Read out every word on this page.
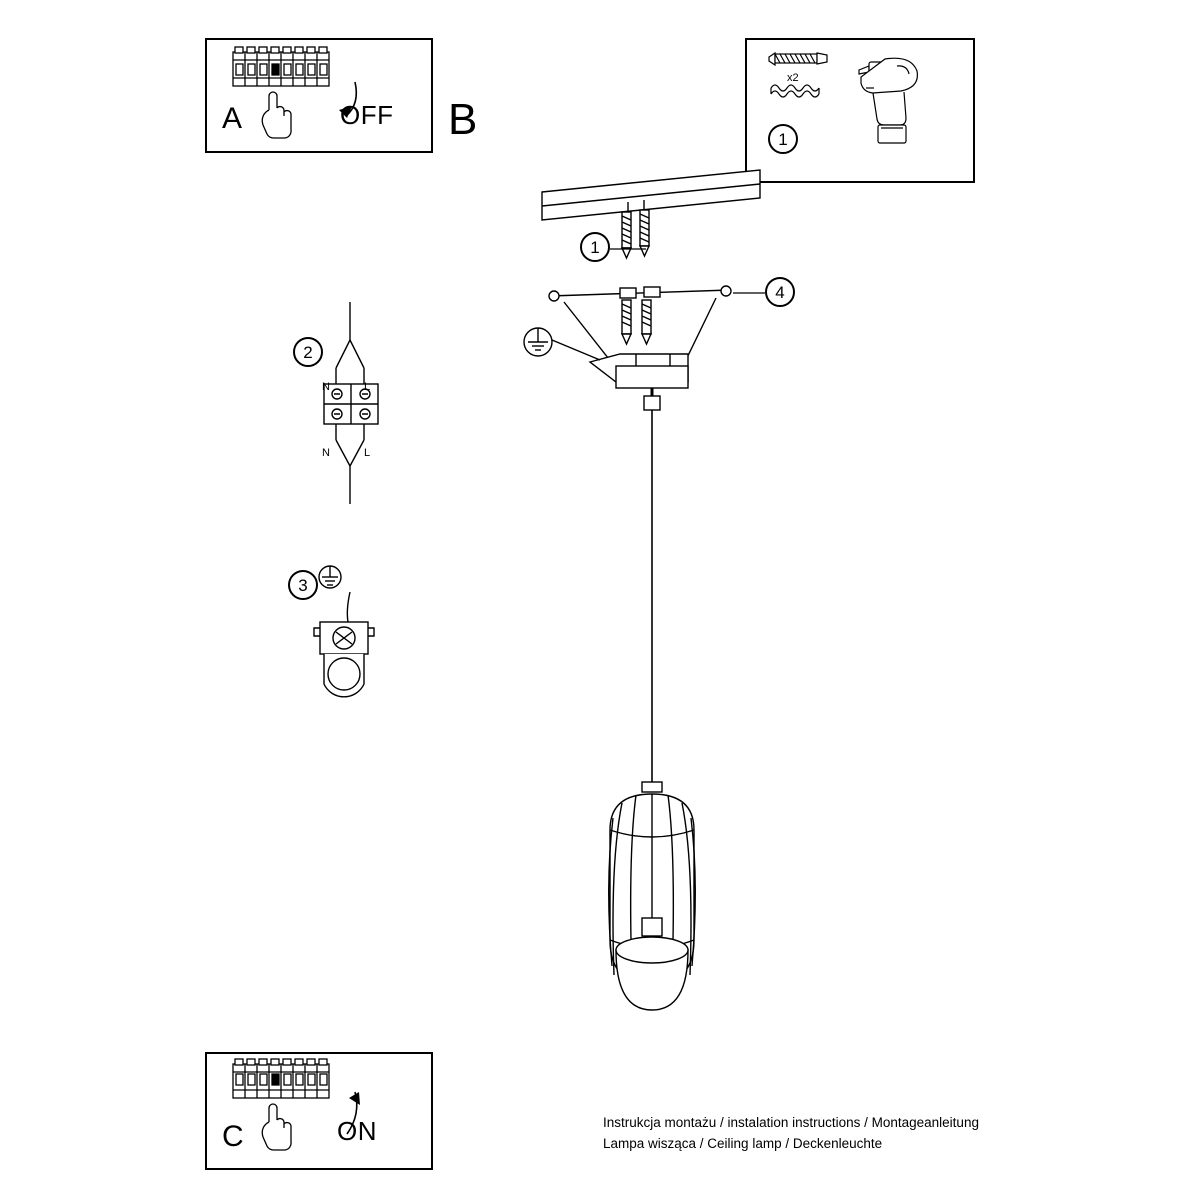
A	OFF B	1
x2
1
4
2
N	L
N	L
3
C	ON	Instrukcja montażu / instalation instructions / Montageanleitung
Lampa wisząca / Ceiling lamp / Deckenleuchte
